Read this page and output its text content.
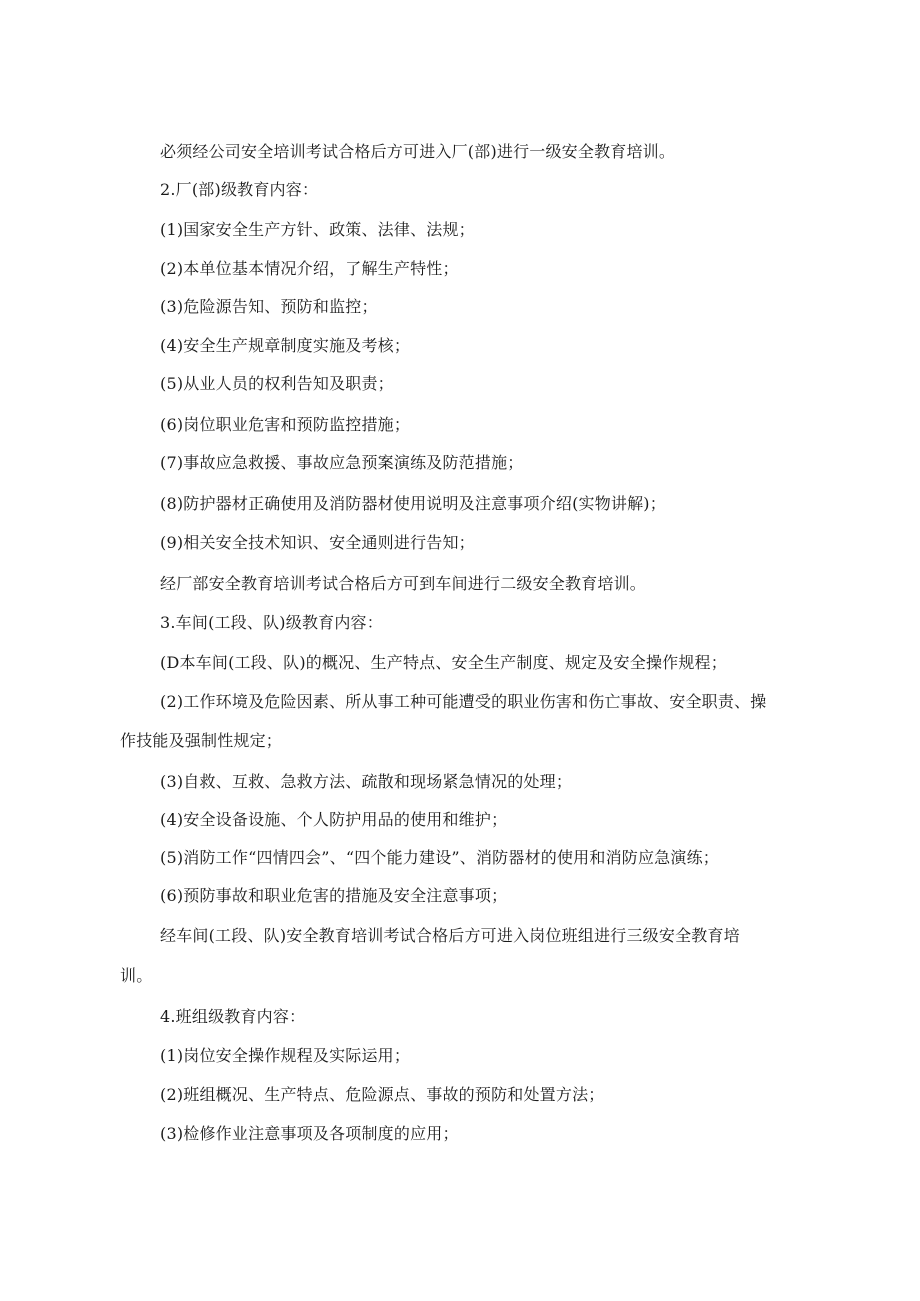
必须经公司安全培训考试合格后方可进入厂(部)进行一级安全教育培训。
2.厂(部)级教育内容：
(1)国家安全生产方针、政策、法律、法规；
(2)本单位基本情况介绍，了解生产特性；
(3)危险源告知、预防和监控；
(4)安全生产规章制度实施及考核；
(5)从业人员的权利告知及职责；
(6)岗位职业危害和预防监控措施；
(7)事故应急救援、事故应急预案演练及防范措施；
(8)防护器材正确使用及消防器材使用说明及注意事项介绍(实物讲解)；
(9)相关安全技术知识、安全通则进行告知；
经厂部安全教育培训考试合格后方可到车间进行二级安全教育培训。
3.车间(工段、队)级教育内容：
(D本车间(工段、队)的概况、生产特点、安全生产制度、规定及安全操作规程；
(2)工作环境及危险因素、所从事工种可能遭受的职业伤害和伤亡事故、安全职责、操
作技能及强制性规定；
(3)自救、互救、急救方法、疏散和现场紧急情况的处理；
(4)安全设备设施、个人防护用品的使用和维护；
(5)消防工作“四情四会”、“四个能力建设”、消防器材的使用和消防应急演练；
(6)预防事故和职业危害的措施及安全注意事项；
经车间(工段、队)安全教育培训考试合格后方可进入岗位班组进行三级安全教育培
训。
4.班组级教育内容：
(1)岗位安全操作规程及实际运用；
(2)班组概况、生产特点、危险源点、事故的预防和处置方法；
(3)检修作业注意事项及各项制度的应用；
